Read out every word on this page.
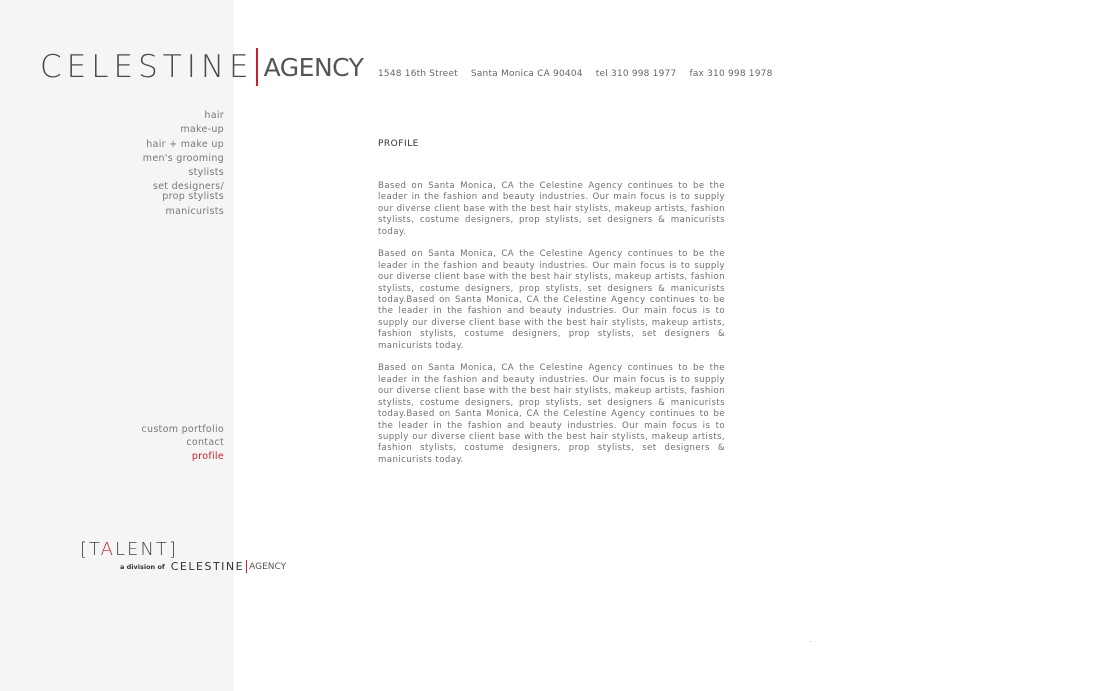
CELESTINE AGENCY
hair
make-up
hair + make up
men's grooming
stylists
set designers/
prop stylists
manicurists
custom portfolio
contact
profile
[TALENT]
a division of CELESTINE AGENCY
1548 16th Street Santa Monica CA 90404 tel 310 998 1977 fax 310 998 1978
PROFILE

Based on Santa Monica, CA the Celestine Agency continues to be the leader in the fashion and beauty industries. Our main focus is to supply our diverse client base with the best hair stylists, makeup artists, fashion stylists, costume designers, prop stylists, set designers & manicurists today.

Based on Santa Monica, CA the Celestine Agency continues to be the leader in the fashion and beauty industries. Our main focus is to supply our diverse client base with the best hair stylists, makeup artists, fashion stylists, costume designers, prop stylists, set designers & manicurists today.Based on Santa Monica, CA the Celestine Agency continues to be the leader in the fashion and beauty industries. Our main focus is to supply our diverse client base with the best hair stylists, makeup artists, fashion stylists, costume designers, prop stylists, set designers & manicurists today.

Based on Santa Monica, CA the Celestine Agency continues to be the leader in the fashion and beauty industries. Our main focus is to supply our diverse client base with the best hair stylists, makeup artists, fashion stylists, costume designers, prop stylists, set designers & manicurists today.Based on Santa Monica, CA the Celestine Agency continues to be the leader in the fashion and beauty industries. Our main focus is to supply our diverse client base with the best hair stylists, makeup artists, fashion stylists, costume designers, prop stylists, set designers & manicurists today.
